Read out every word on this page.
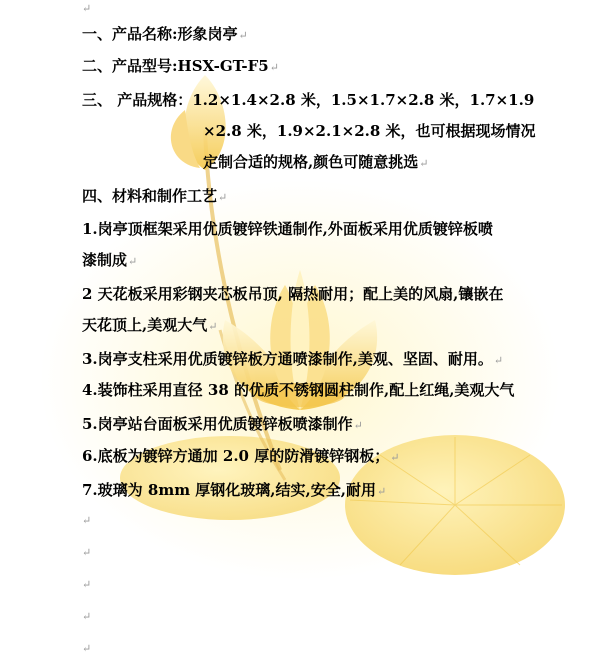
↵
一、产品名称:形象岗亭↵
二、产品型号:HSX-GT-F5↵
三、 产品规格：1.2×1.4×2.8 米，1.5×1.7×2.8 米，1.7×1.9
×2.8 米，1.9×2.1×2.8 米，也可根据现场情况
定制合适的规格,颜色可随意挑选↵
四、材料和制作工艺↵
1.岗亭顶框架采用优质镀锌铁通制作,外面板采用优质镀锌板喷
漆制成↵
2 天花板采用彩钢夹芯板吊顶, 隔热耐用；配上美的风扇,镶嵌在
天花顶上,美观大气↵
3.岗亭支柱采用优质镀锌板方通喷漆制作,美观、坚固、耐用。↵
4.装饰柱采用直径 38 的优质不锈钢圆柱制作,配上红绳,美观大气
5.岗亭站台面板采用优质镀锌板喷漆制作↵
6.底板为镀锌方通加 2.0 厚的防滑镀锌钢板；↵
7.玻璃为 8mm 厚钢化玻璃,结实,安全,耐用↵
↵
↵
↵
↵
↵
